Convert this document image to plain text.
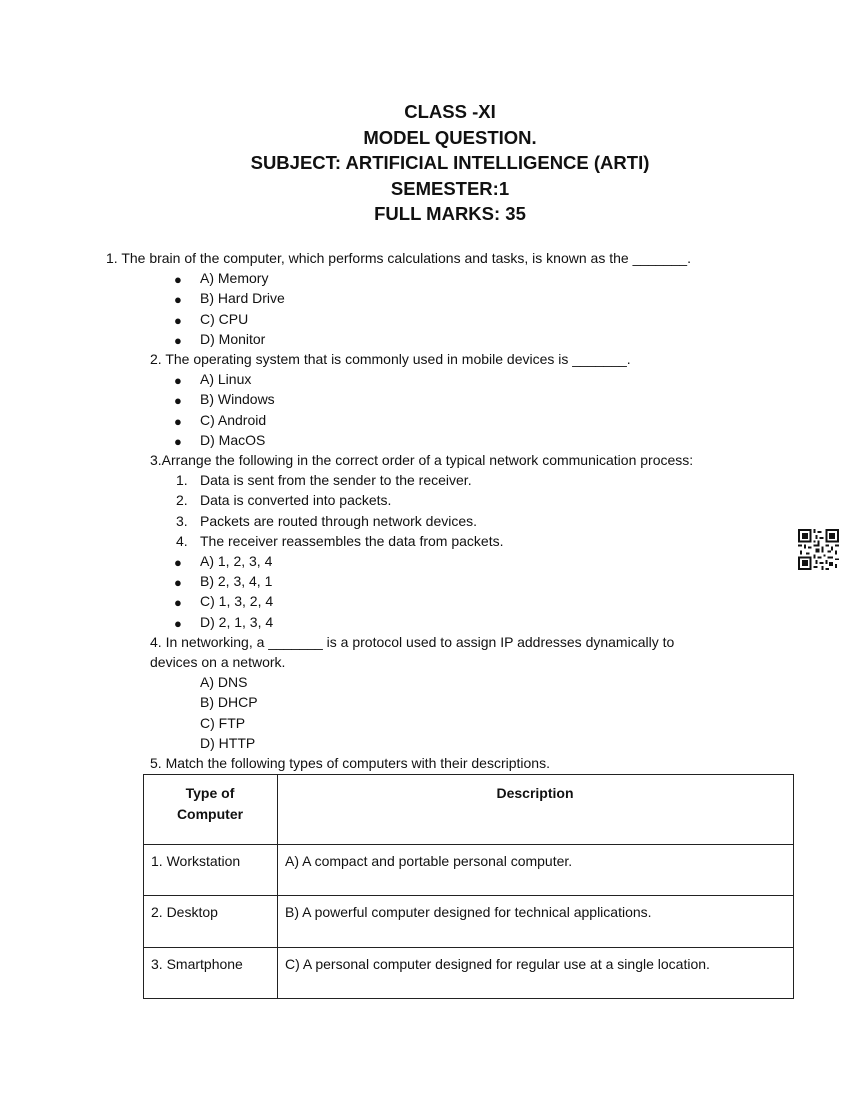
CLASS -XI
MODEL QUESTION.
SUBJECT: ARTIFICIAL INTELLIGENCE (ARTI)
SEMESTER:1
FULL MARKS: 35
1. The brain of the computer, which performs calculations and tasks, is known as the _______.
● A) Memory
● B) Hard Drive
● C) CPU
● D) Monitor
2. The operating system that is commonly used in mobile devices is _______.
● A) Linux
● B) Windows
● C) Android
● D) MacOS
3.Arrange the following in the correct order of a typical network communication process:
1. Data is sent from the sender to the receiver.
2. Data is converted into packets.
3. Packets are routed through network devices.
4. The receiver reassembles the data from packets.
● A) 1, 2, 3, 4
● B) 2, 3, 4, 1
● C) 1, 3, 2, 4
● D) 2, 1, 3, 4
4. In networking, a _______ is a protocol used to assign IP addresses dynamically to
devices on a network.
A) DNS
B) DHCP
C) FTP
D) HTTP
5. Match the following types of computers with their descriptions.
Type of
Computer	Description
1. Workstation	A) A compact and portable personal computer.
2. Desktop	B) A powerful computer designed for technical applications.
3. Smartphone	C) A personal computer designed for regular use at a single location.
